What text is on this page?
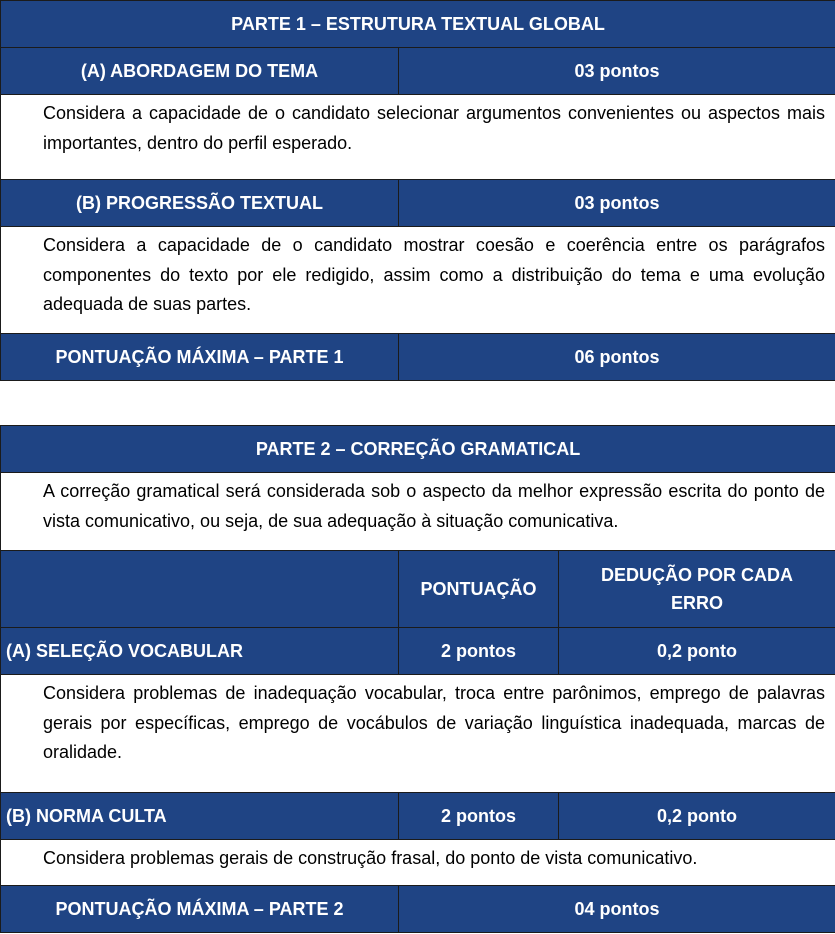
PARTE 1 – ESTRUTURA TEXTUAL GLOBAL	
(A) ABORDAGEM DO TEMA	03 pontos
Considera a capacidade de o candidato selecionar argumentos convenientes ou aspectos mais importantes, dentro do perfil esperado.	
(B) PROGRESSÃO TEXTUAL	03 pontos
Considera a capacidade de o candidato mostrar coesão e coerência entre os parágrafos componentes do texto por ele redigido, assim como a distribuição do tema e uma evolução adequada de suas partes.	
PONTUAÇÃO MÁXIMA – PARTE 1	06 pontos
PARTE 2 – CORREÇÃO GRAMATICAL		
A correção gramatical será considerada sob o aspecto da melhor expressão escrita do ponto de vista comunicativo, ou seja, de sua adequação à situação comunicativa.		
	PONTUAÇÃO	DEDUÇÃO POR CADA
ERRO

(A) SELEÇÃO VOCABULAR	2 pontos	0,2 ponto
Considera problemas de inadequação vocabular, troca entre parônimos, emprego de palavras gerais por específicas, emprego de vocábulos de variação linguística inadequada, marcas de oralidade.		
(B) NORMA CULTA	2 pontos	0,2 ponto
Considera problemas gerais de construção frasal, do ponto de vista comunicativo.		
PONTUAÇÃO MÁXIMA – PARTE 2	04 pontos	
